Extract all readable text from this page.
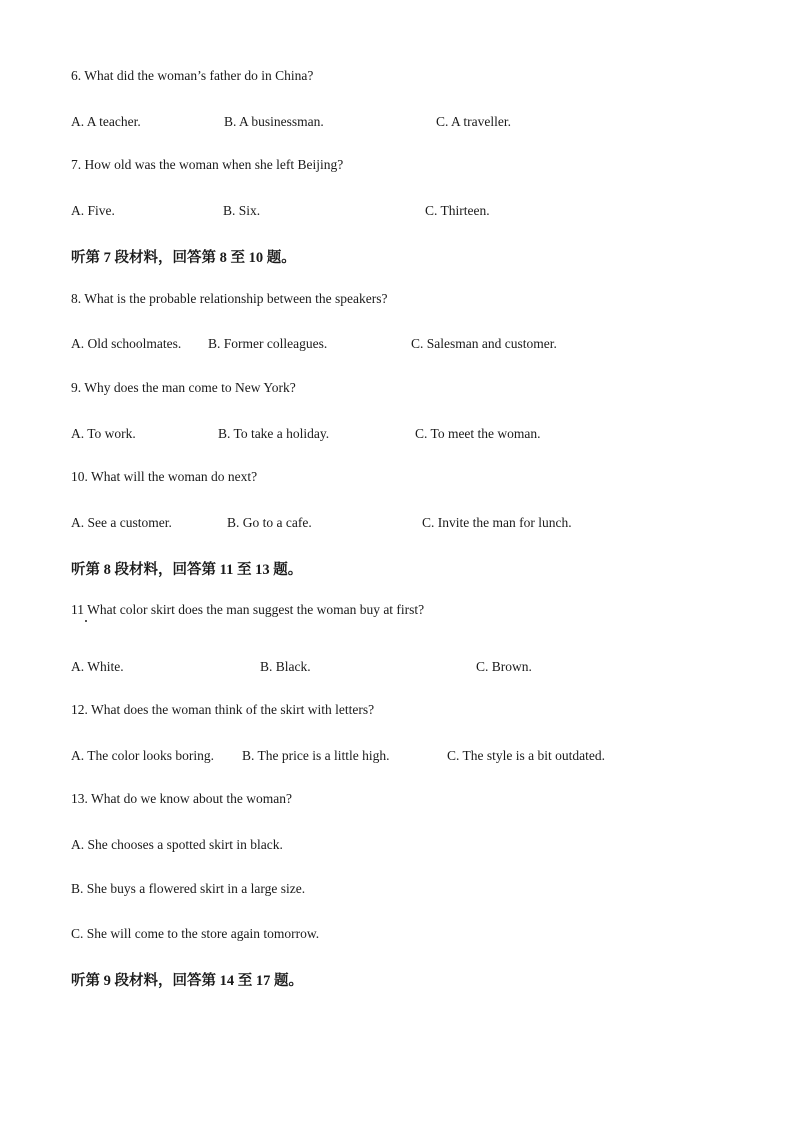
6. What did the woman’s father do in China?
A. A teacher.	B. A businessman.	C. A traveller.
7. How old was the woman when she left Beijing?
A. Five.	B. Six.	C. Thirteen.
听第 7 段材料，回答第 8 至 10 题。
8. What is the probable relationship between the speakers?
A. Old schoolmates. B. Former colleagues.	C. Salesman and customer.
9. Why does the man come to New York?
A. To work.	B. To take a holiday.	C. To meet the woman.
10. What will the woman do next?
A. See a customer.	B. Go to a cafe.	C. Invite the man for lunch.
听第 8 段材料，回答第 11 至 13 题。
11 What color skirt does the man suggest the woman buy at first?
A. White.	B. Black.	C. Brown.
12. What does the woman think of the skirt with letters?
A. The color looks boring. B. The price is a little high.	C. The style is a bit outdated.
13. What do we know about the woman?
A. She chooses a spotted skirt in black.
B. She buys a flowered skirt in a large size.
C. She will come to the store again tomorrow.
听第 9 段材料，回答第 14 至 17 题。
